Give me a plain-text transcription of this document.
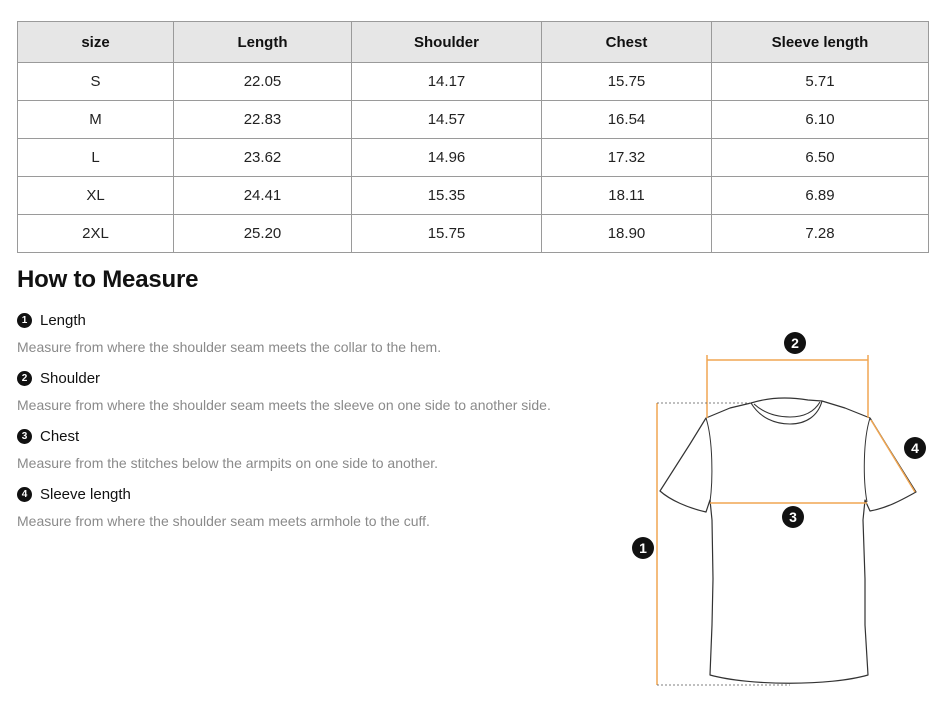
size	Length	Shoulder	Chest	Sleeve length
S	22.05	14.17	15.75	5.71
M	22.83	14.57	16.54	6.10
L	23.62	14.96	17.32	6.50
XL	24.41	15.35	18.11	6.89
2XL	25.20	15.75	18.90	7.28
How to Measure
1 Length
Measure from where the shoulder seam meets the collar to the hem.
2 Shoulder
Measure from where the shoulder seam meets the sleeve on one side to another side.
3 Chest
Measure from the stitches below the armpits on one side to another.
4 Sleeve length
Measure from where the shoulder seam meets armhole to the cuff.
1
2
3
4
